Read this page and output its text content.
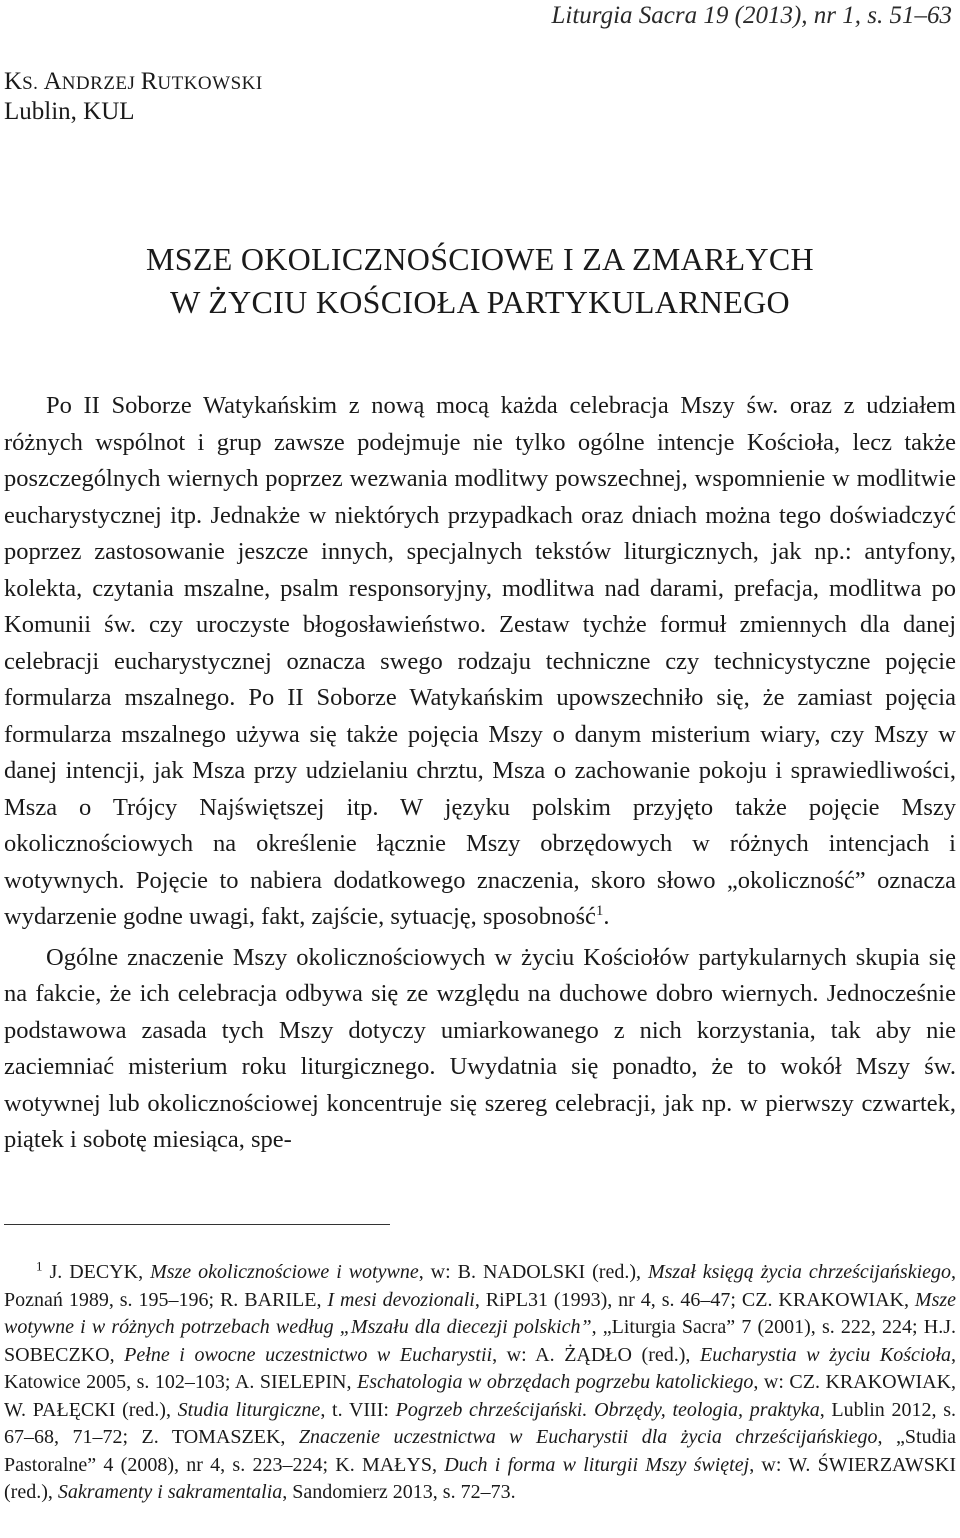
Liturgia Sacra 19 (2013), nr 1, s. 51–63
KS. ANDRZEJ RUTKOWSKI
Lublin, KUL
MSZE OKOLICZNOŚCIOWE I ZA ZMARŁYCH
W ŻYCIU KOŚCIOŁA PARTYKULARNEGO

Po II Soborze Watykańskim z nową mocą każda celebracja Mszy św. oraz z udziałem różnych wspólnot i grup zawsze podejmuje nie tylko ogólne intencje Kościoła, lecz także poszczególnych wiernych poprzez wezwania modlitwy powszechnej, wspomnienie w modlitwie eucharystycznej itp. Jednakże w niektórych przypadkach oraz dniach można tego doświadczyć poprzez zastosowanie jeszcze innych, specjalnych tekstów liturgicznych, jak np.: antyfony, kolekta, czytania mszalne, psalm responsoryjny, modlitwa nad darami, prefacja, modlitwa po Komunii św. czy uroczyste błogosławieństwo. Zestaw tychże formuł zmiennych dla danej celebracji eucharystycznej oznacza swego rodzaju techniczne czy technicystyczne pojęcie formularza mszalnego. Po II Soborze Watykańskim upowszechniło się, że zamiast pojęcia formularza mszalnego używa się także pojęcia Mszy o danym misterium wiary, czy Mszy w danej intencji, jak Msza przy udzielaniu chrztu, Msza o zachowanie pokoju i sprawiedliwości, Msza o Trójcy Najświętszej itp. W języku polskim przyjęto także pojęcie Mszy okolicznościowych na określenie łącznie Mszy obrzędowych w różnych intencjach i wotywnych. Pojęcie to nabiera dodatkowego znaczenia, skoro słowo „okoliczność” oznacza wydarzenie godne uwagi, fakt, zajście, sytuację, sposobność$^1$.

Ogólne znaczenie Mszy okolicznościowych w życiu Kościołów partykularnych skupia się na fakcie, że ich celebracja odbywa się ze względu na duchowe dobro wiernych. Jednocześnie podstawowa zasada tych Mszy dotyczy umiarkowanego z nich korzystania, tak aby nie zaciemniać misterium roku liturgicznego. Uwydatnia się ponadto, że to wokół Mszy św. wotywnej lub okolicznościowej koncentruje się szereg celebracji, jak np. w pierwszy czwartek, piątek i sobotę miesiąca, spe-

$^1$ J. DECYK, Msze okolicznościowe i wotywne, w: B. NADOLSKI (red.), Mszał księgą życia chrześcijańskiego, Poznań 1989, s. 195–196; R. BARILE, I mesi devozionali, RiPL31 (1993), nr 4, s. 46–47; CZ. KRAKOWIAK, Msze wotywne i w różnych potrzebach według „Mszału dla diecezji polskich”, „Liturgia Sacra” 7 (2001), s. 222, 224; H.J. SOBECZKO, Pełne i owocne uczestnictwo w Eucharystii, w: A. ŻĄDŁO (red.), Eucharystia w życiu Kościoła, Katowice 2005, s. 102–103; A. SIELEPIN, Eschatologia w obrzędach pogrzebu katolickiego, w: CZ. KRAKOWIAK, W. PAŁĘCKI (red.), Studia liturgiczne, t. VIII: Pogrzeb chrześcijański. Obrzędy, teologia, praktyka, Lublin 2012, s. 67–68, 71–72; Z. TOMASZEK, Znaczenie uczestnictwa w Eucharystii dla życia chrześcijańskiego, „Studia Pastoralne” 4 (2008), nr 4, s. 223–224; K. MAŁYS, Duch i forma w liturgii Mszy świętej, w: W. ŚWIERZAWSKI (red.), Sakramenty i sakramentalia, Sandomierz 2013, s. 72–73.
